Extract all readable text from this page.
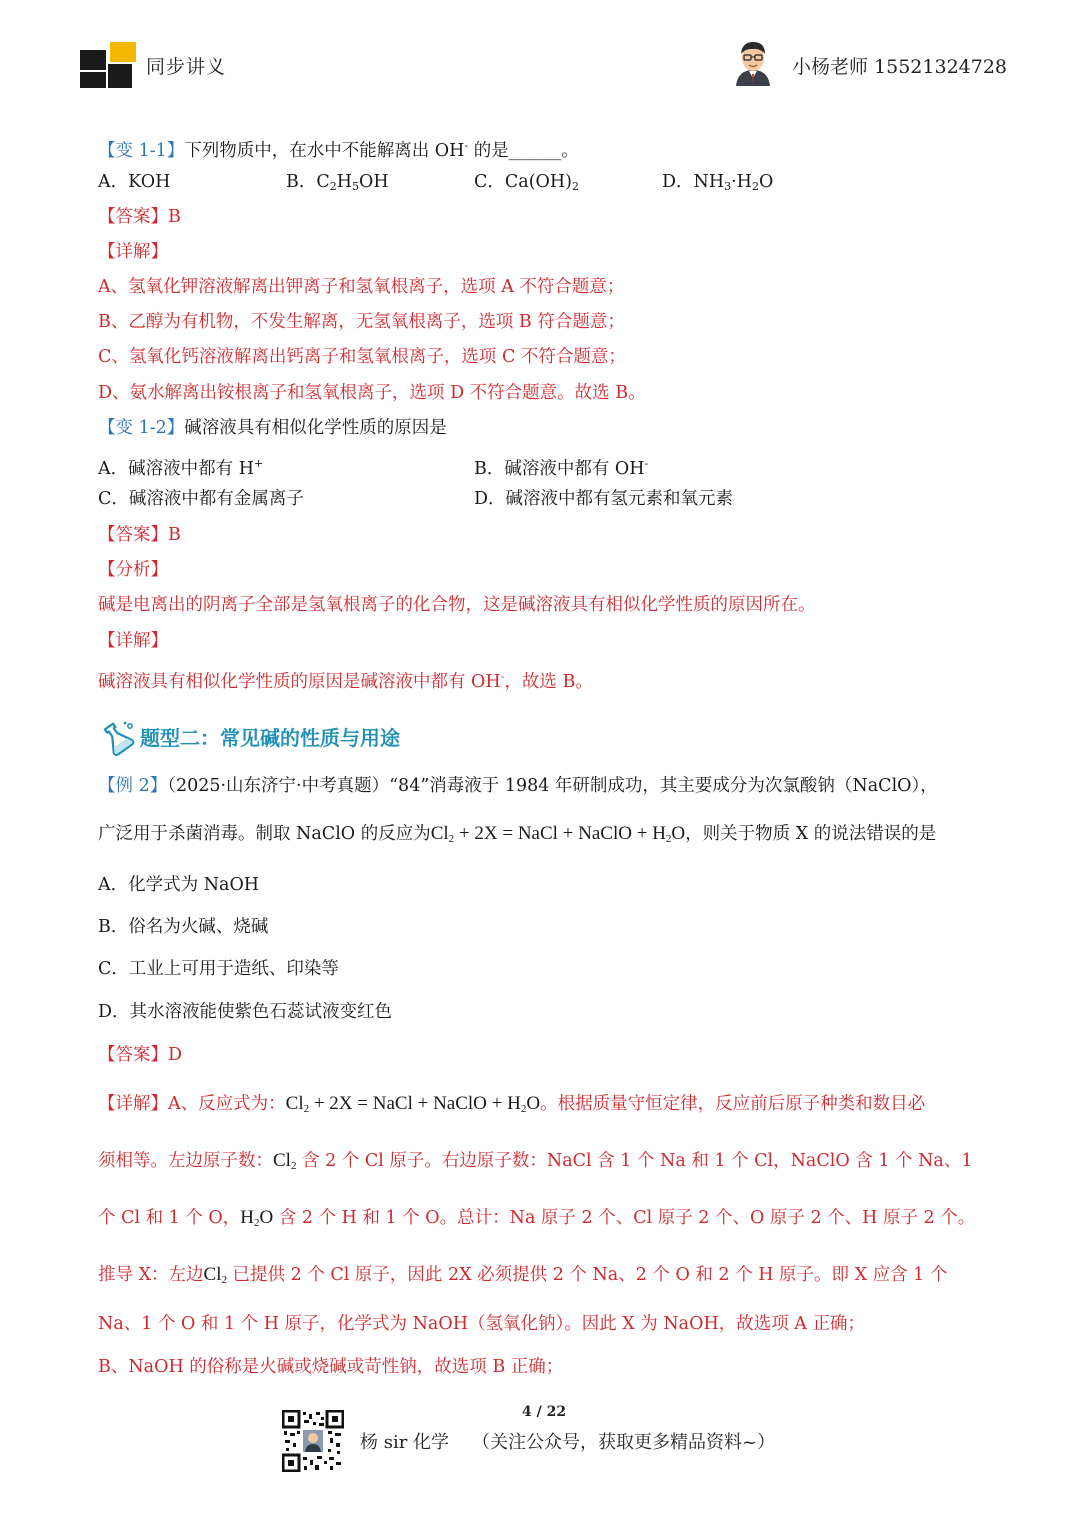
同步讲义	小杨老师 15521324728
【变 1-1】下列物质中，在水中不能解离出 OH- 的是______。
A．KOH	B．$C_2H_5OH$	C．$Ca(OH)_2$	D．$NH_3\cdot H_2O$
【答案】B
【详解】
A、氢氧化钾溶液解离出钾离子和氢氧根离子，选项 A 不符合题意；
B、乙醇为有机物，不发生解离，无氢氧根离子，选项 B 符合题意；
C、氢氧化钙溶液解离出钙离子和氢氧根离子，选项 C 不符合题意；
D、氨水解离出铵根离子和氢氧根离子，选项 D 不符合题意。故选 B。
【变 1-2】碱溶液具有相似化学性质的原因是
A．碱溶液中都有 H+	B．碱溶液中都有 OH-
C．碱溶液中都有金属离子	D．碱溶液中都有氢元素和氧元素
【答案】B
【分析】
碱是电离出的阴离子全部是氢氧根离子的化合物，这是碱溶液具有相似化学性质的原因所在。
【详解】
碱溶液具有相似化学性质的原因是碱溶液中都有 OH-，故选 B。
题型二：常见碱的性质与用途
【例 2】（2025·山东济宁·中考真题）“84”消毒液于 1984 年研制成功，其主要成分为次氯酸钠（NaClO），
广泛用于杀菌消毒。制取 NaClO 的反应为$Cl_2 + 2X$ = NaCl + NaClO + $H_2O$，则关于物质 X 的说法错误的是
A．化学式为 NaOH
B．俗名为火碱、烧碱
C．工业上可用于造纸、印染等
D．其水溶液能使紫色石蕊试液变红色
【答案】D
【详解】A、反应式为：$Cl_2 + 2X$ = NaCl + NaClO + $H_2O$。根据质量守恒定律，反应前后原子种类和数目必
须相等。左边原子数：$Cl_2$ 含 2 个 Cl 原子。右边原子数：NaCl 含 1 个 Na 和 1 个 Cl，NaClO 含 1 个 Na、1
个 Cl 和 1 个 O，$H_2O$ 含 2 个 H 和 1 个 O。总计：Na 原子 2 个、Cl 原子 2 个、O 原子 2 个、H 原子 2 个。
推导 X：左边$Cl_2$ 已提供 2 个 Cl 原子，因此 2X 必须提供 2 个 Na、2 个 O 和 2 个 H 原子。即 X 应含 1 个
Na、1 个 O 和 1 个 H 原子，化学式为 NaOH（氢氧化钠）。因此 X 为 NaOH，故选项 A 正确；
B、NaOH 的俗称是火碱或烧碱或苛性钠，故选项 B 正确；
4 / 22
杨 sir 化学 （关注公众号，获取更多精品资料~）
